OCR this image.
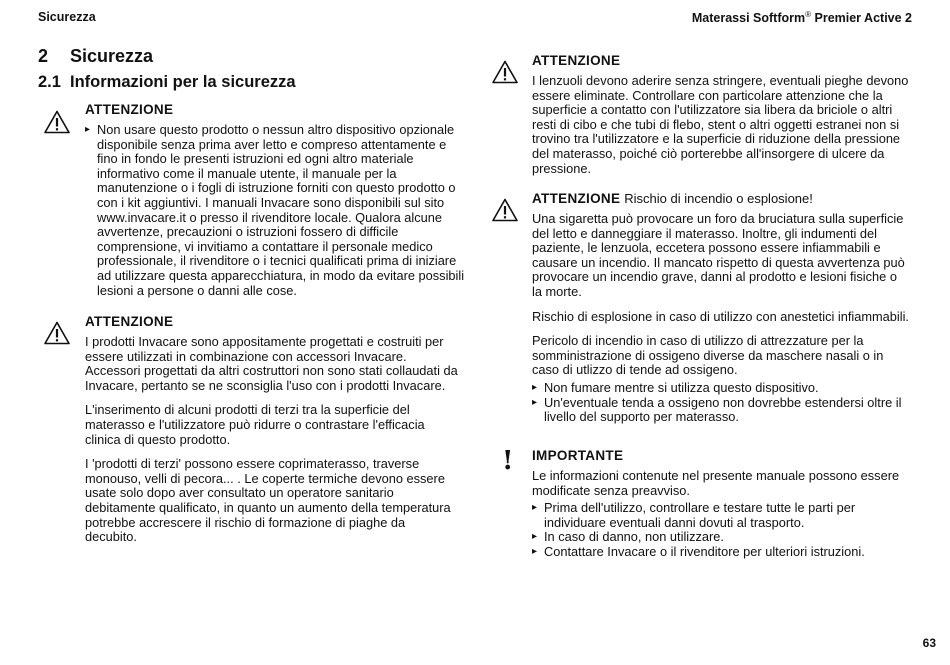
Sicurezza	Materassi Softform® Premier Active 2
2 Sicurezza
2.1 Informazioni per la sicurezza
ATTENZIONE
▸ Non usare questo prodotto o nessun altro dispositivo opzionale disponibile senza prima aver letto e compreso attentamente e fino in fondo le presenti istruzioni ed ogni altro materiale informativo come il manuale utente, il manuale per la manutenzione o i fogli di istruzione forniti con questo prodotto o con i kit aggiuntivi. I manuali Invacare sono disponibili sul sito www.invacare.it o presso il rivenditore locale. Qualora alcune avvertenze, precauzioni o istruzioni fossero di difficile comprensione, vi invitiamo a contattare il personale medico professionale, il rivenditore o i tecnici qualificati prima di iniziare ad utilizzare questa apparecchiatura, in modo da evitare possibili lesioni a persone o danni alle cose.
ATTENZIONE

I prodotti Invacare sono appositamente progettati e costruiti per essere utilizzati in combinazione con accessori Invacare. Accessori progettati da altri costruttori non sono stati collaudati da Invacare, pertanto se ne sconsiglia l'uso con i prodotti Invacare.

L'inserimento di alcuni prodotti di terzi tra la superficie del materasso e l'utilizzatore può ridurre o contrastare l'efficacia clinica di questo prodotto.

I 'prodotti di terzi' possono essere coprimaterasso, traverse monouso, velli di pecora... . Le coperte termiche devono essere usate solo dopo aver consultato un operatore sanitario debitamente qualificato, in quanto un aumento della temperatura potrebbe accrescere il rischio di formazione di piaghe da decubito.

ATTENZIONE

I lenzuoli devono aderire senza stringere, eventuali pieghe devono essere eliminate. Controllare con particolare attenzione che la superficie a contatto con l'utilizzatore sia libera da briciole o altri resti di cibo e che tubi di flebo, stent o altri oggetti estranei non si trovino tra l'utilizzatore e la superficie di riduzione della pressione del materasso, poiché ciò porterebbe all'insorgere di ulcere da pressione.

ATTENZIONE Rischio di incendio o esplosione!

Una sigaretta può provocare un foro da bruciatura sulla superficie del letto e danneggiare il materasso. Inoltre, gli indumenti del paziente, le lenzuola, eccetera possono essere infiammabili e causare un incendio. Il mancato rispetto di questa avvertenza può provocare un incendio grave, danni al prodotto e lesioni fisiche o la morte.

Rischio di esplosione in caso di utilizzo con anestetici infiammabili.

Pericolo di incendio in caso di utilizzo di attrezzature per la somministrazione di ossigeno diverse da maschere nasali o in caso di utlizzo di tende ad ossigeno.

▸ Non fumare mentre si utilizza questo dispositivo.
▸ Un'eventuale tenda a ossigeno non dovrebbe estendersi oltre il livello del supporto per materasso.
! IMPORTANTE

Le informazioni contenute nel presente manuale possono essere modificate senza preavviso.

▸ Prima dell'utilizzo, controllare e testare tutte le parti per individuare eventuali danni dovuti al trasporto.
▸ In caso di danno, non utilizzare.
▸ Contattare Invacare o il rivenditore per ulteriori istruzioni.
63
